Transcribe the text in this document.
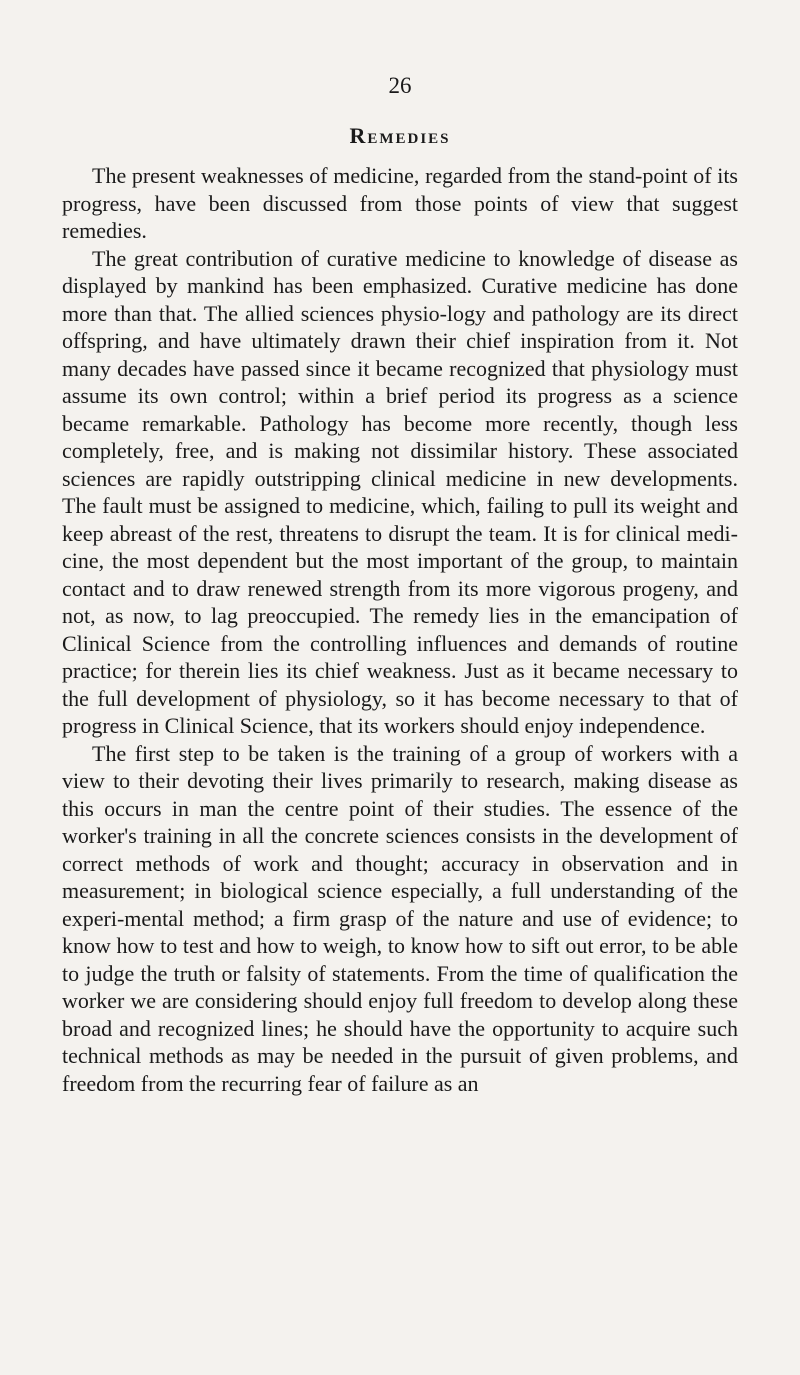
26
Remedies

The present weaknesses of medicine, regarded from the stand-point of its progress, have been discussed from those points of view that suggest remedies.

The great contribution of curative medicine to knowledge of disease as displayed by mankind has been emphasized. Curative medicine has done more than that. The allied sciences physio-logy and pathology are its direct offspring, and have ultimately drawn their chief inspiration from it. Not many decades have passed since it became recognized that physiology must assume its own control; within a brief period its progress as a science became remarkable. Pathology has become more recently, though less completely, free, and is making not dissimilar history. These associated sciences are rapidly outstripping clinical medicine in new developments. The fault must be assigned to medicine, which, failing to pull its weight and keep abreast of the rest, threatens to disrupt the team. It is for clinical medi-cine, the most dependent but the most important of the group, to maintain contact and to draw renewed strength from its more vigorous progeny, and not, as now, to lag preoccupied. The remedy lies in the emancipation of Clinical Science from the controlling influences and demands of routine practice; for therein lies its chief weakness. Just as it became necessary to the full development of physiology, so it has become necessary to that of progress in Clinical Science, that its workers should enjoy independence.

The first step to be taken is the training of a group of workers with a view to their devoting their lives primarily to research, making disease as this occurs in man the centre point of their studies. The essence of the worker's training in all the concrete sciences consists in the development of correct methods of work and thought; accuracy in observation and in measurement; in biological science especially, a full understanding of the experi-mental method; a firm grasp of the nature and use of evidence; to know how to test and how to weigh, to know how to sift out error, to be able to judge the truth or falsity of statements. From the time of qualification the worker we are considering should enjoy full freedom to develop along these broad and recognized lines; he should have the opportunity to acquire such technical methods as may be needed in the pursuit of given problems, and freedom from the recurring fear of failure as an
